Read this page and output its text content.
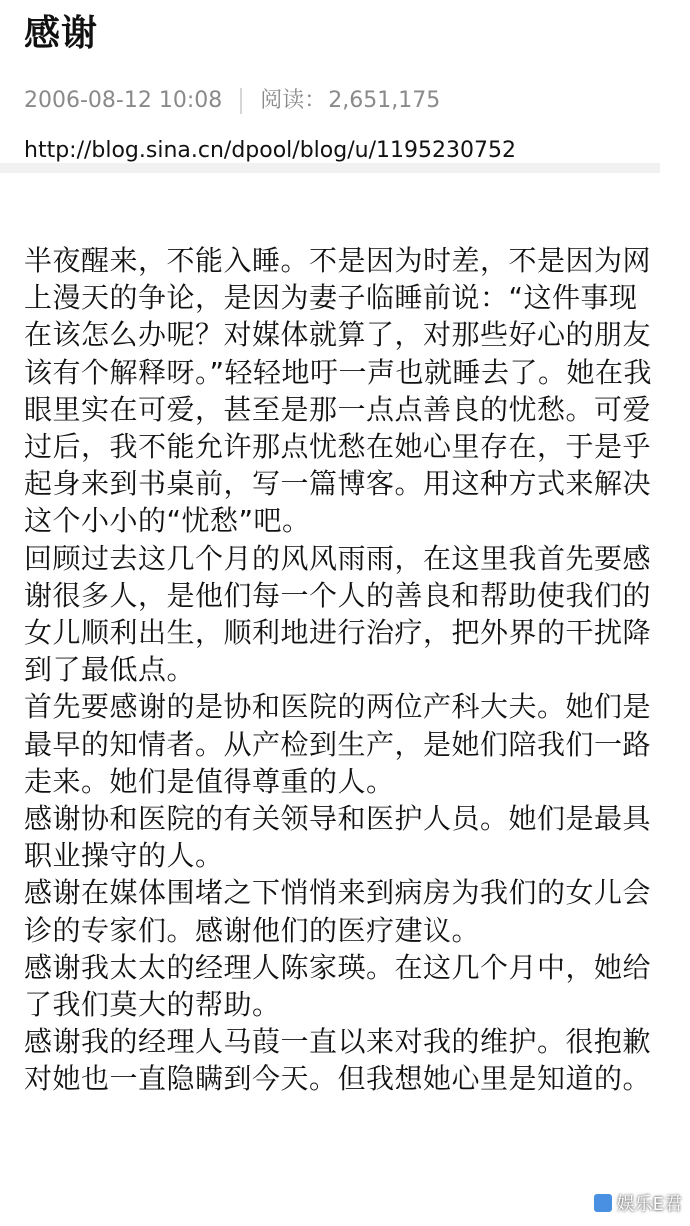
感谢
2006-08-12 10:08 阅读： 2,651,175
http://blog.sina.cn/dpool/blog/u/1195230752

半夜醒来，不能入睡。不是因为时差，不是因为网上漫天的争论，是因为妻子临睡前说：“这件事现在该怎么办呢？对媒体就算了，对那些好心的朋友该有个解释呀。”轻轻地吁一声也就睡去了。她在我眼里实在可爱，甚至是那一点点善良的忧愁。可爱过后，我不能允许那点忧愁在她心里存在，于是乎起身来到书桌前，写一篇博客。用这种方式来解决这个小小的“忧愁”吧。

回顾过去这几个月的风风雨雨，在这里我首先要感谢很多人，是他们每一个人的善良和帮助使我们的女儿顺利出生，顺利地进行治疗，把外界的干扰降到了最低点。

首先要感谢的是协和医院的两位产科大夫。她们是最早的知情者。从产检到生产，是她们陪我们一路走来。她们是值得尊重的人。

感谢协和医院的有关领导和医护人员。她们是最具职业操守的人。

感谢在媒体围堵之下悄悄来到病房为我们的女儿会诊的专家们。感谢他们的医疗建议。

感谢我太太的经理人陈家瑛。在这几个月中，她给了我们莫大的帮助。

感谢我的经理人马葭一直以来对我的维护。很抱歉对她也一直隐瞒到今天。但我想她心里是知道的。

娱乐E君
